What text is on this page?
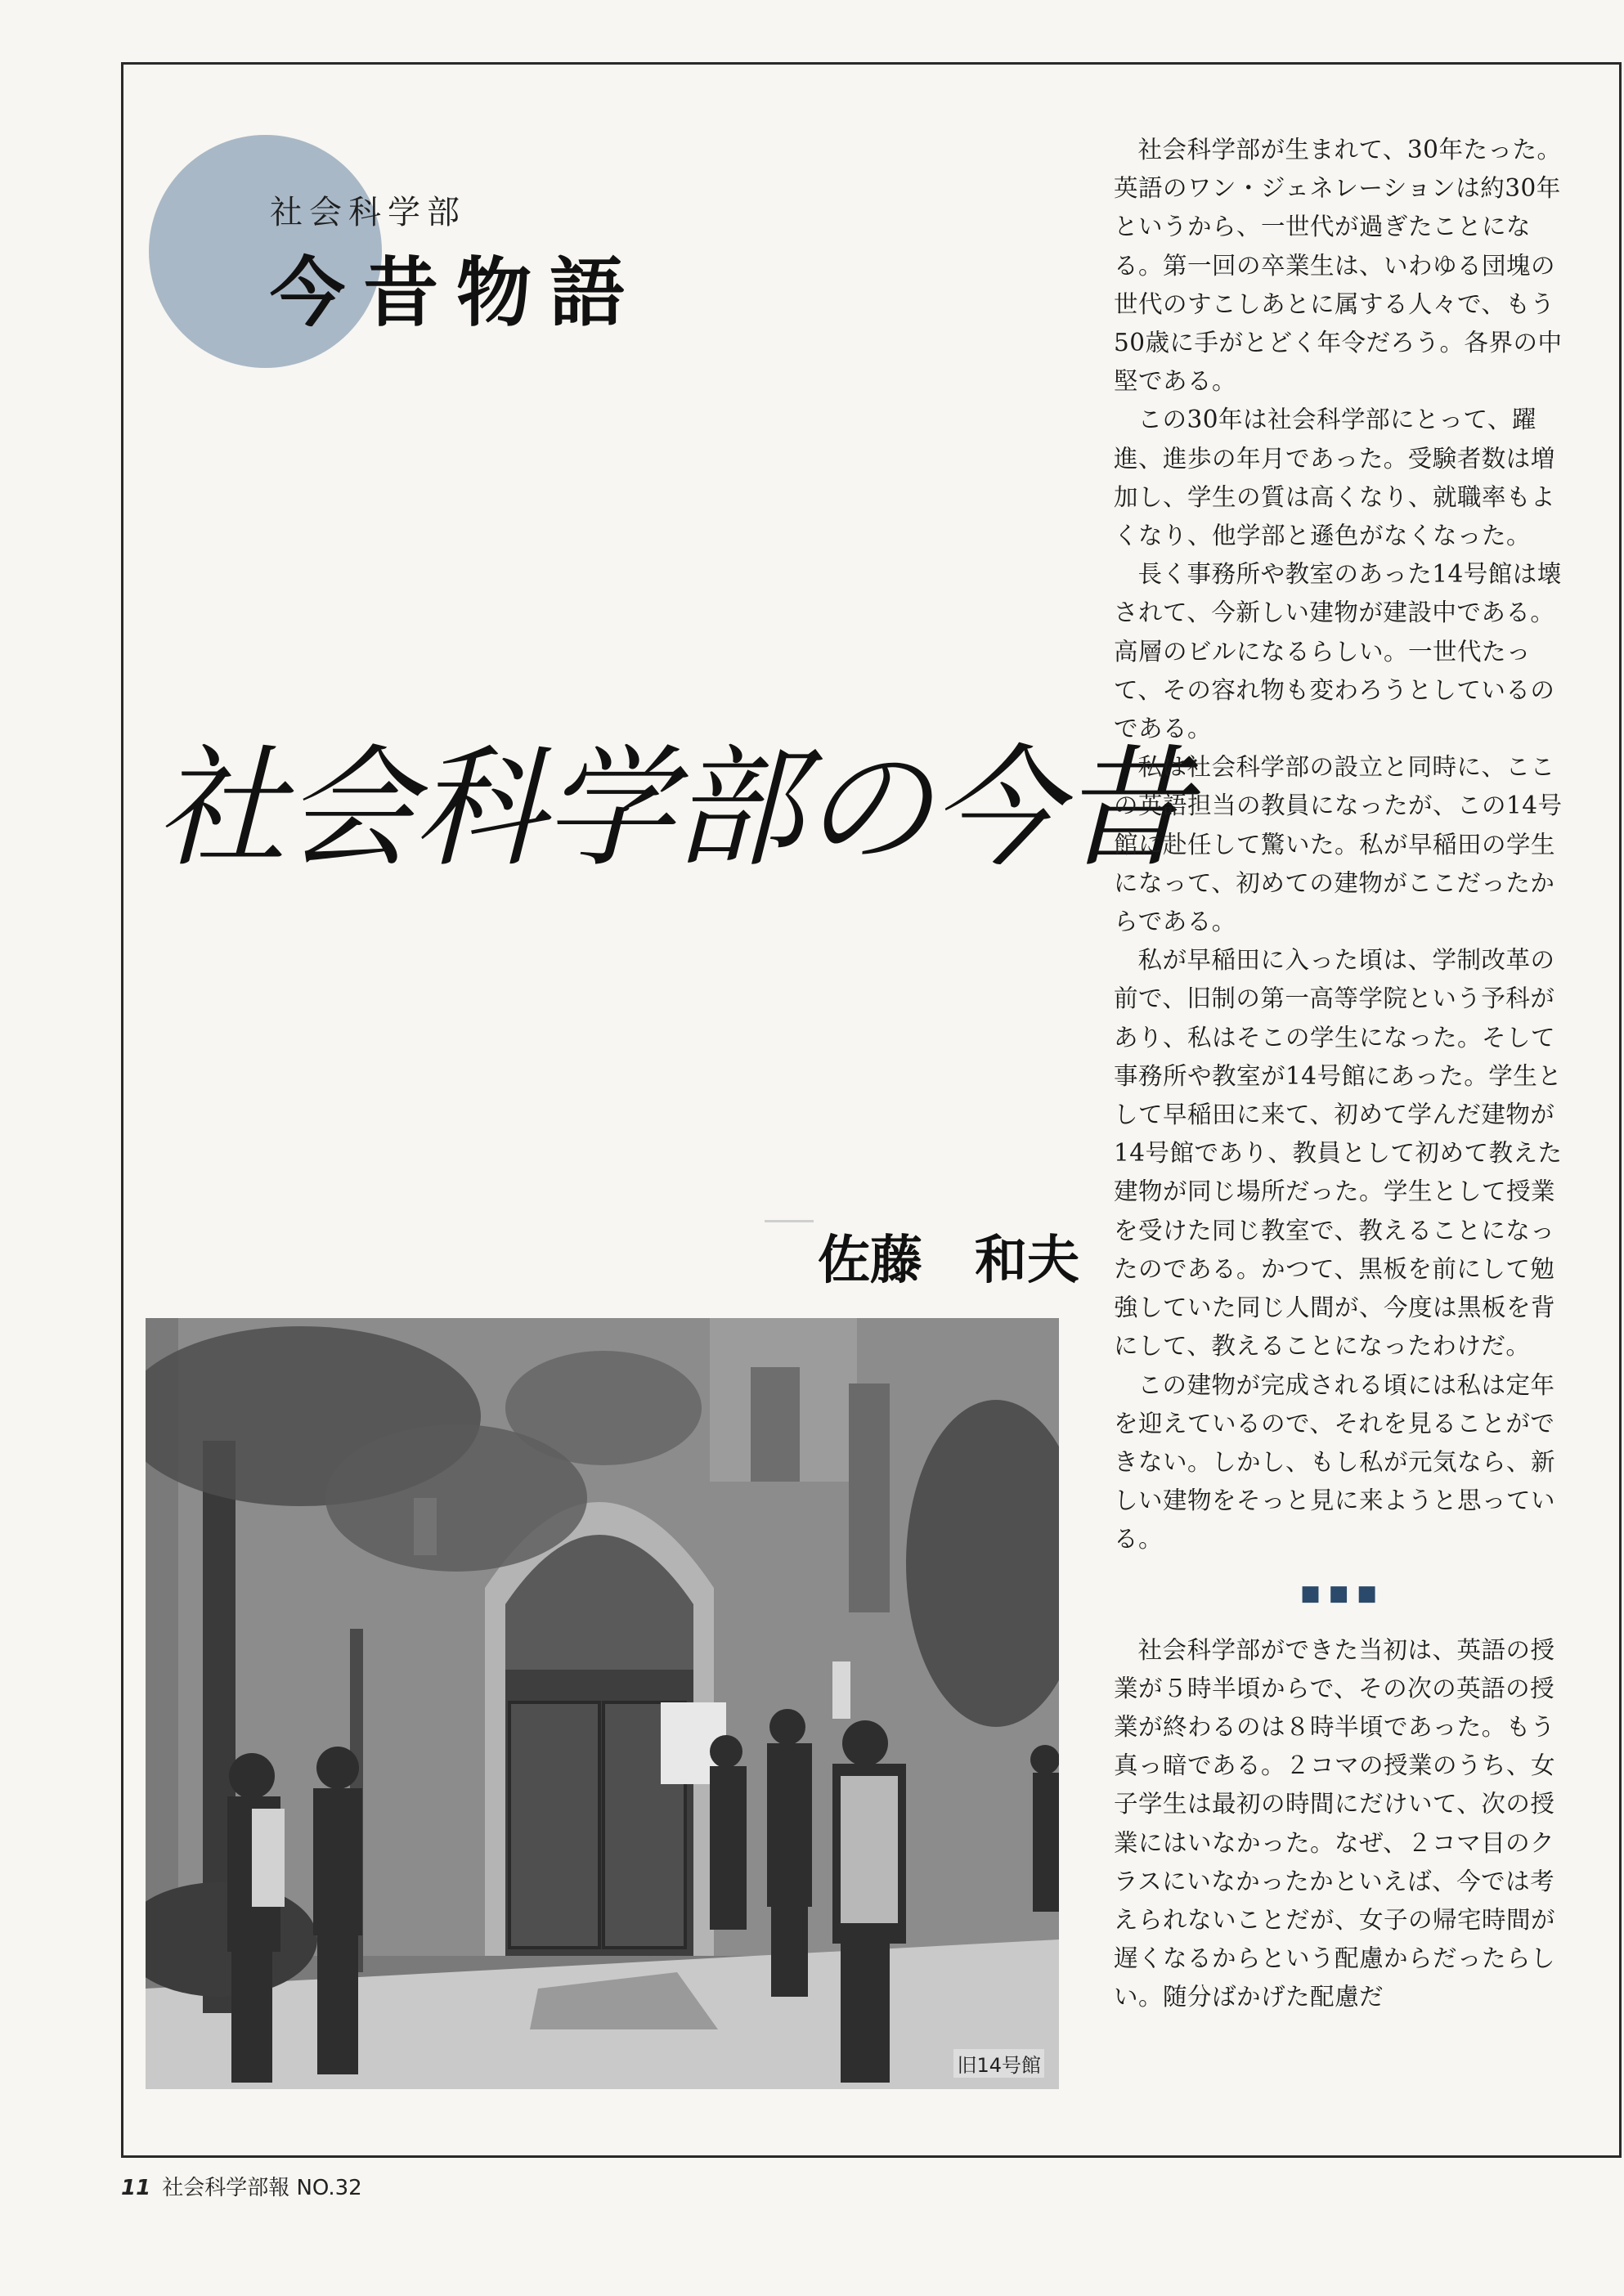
社会科学部
今昔物語
社会科学部の今昔
佐藤　和夫
旧14号館

社会科学部が生まれて、30年たった。英語のワン・ジェネレーションは約30年というから、一世代が過ぎたことになる。第一回の卒業生は、いわゆる団塊の世代のすこしあとに属する人々で、もう50歳に手がとどく年令だろう。各界の中堅である。

この30年は社会科学部にとって、躍進、進歩の年月であった。受験者数は増加し、学生の質は高くなり、就職率もよくなり、他学部と遜色がなくなった。

長く事務所や教室のあった14号館は壊されて、今新しい建物が建設中である。高層のビルになるらしい。一世代たって、その容れ物も変わろうとしているのである。

私は社会科学部の設立と同時に、ここの英語担当の教員になったが、この14号館に赴任して驚いた。私が早稲田の学生になって、初めての建物がここだったからである。

私が早稲田に入った頃は、学制改革の前で、旧制の第一高等学院という予科があり、私はそこの学生になった。そして事務所や教室が14号館にあった。学生として早稲田に来て、初めて学んだ建物が14号館であり、教員として初めて教えた建物が同じ場所だった。学生として授業を受けた同じ教室で、教えることになったのである。かつて、黒板を前にして勉強していた同じ人間が、今度は黒板を背にして、教えることになったわけだ。

この建物が完成される頃には私は定年を迎えているので、それを見ることができない。しかし、もし私が元気なら、新しい建物をそっと見に来ようと思っている。

■■■

社会科学部ができた当初は、英語の授業が５時半頃からで、その次の英語の授業が終わるのは８時半頃であった。もう真っ暗である。２コマの授業のうち、女子学生は最初の時間にだけいて、次の授業にはいなかった。なぜ、２コマ目のクラスにいなかったかといえば、今では考えられないことだが、女子の帰宅時間が遅くなるからという配慮からだったらしい。随分ばかげた配慮だ

11 社会科学部報 NO.32
